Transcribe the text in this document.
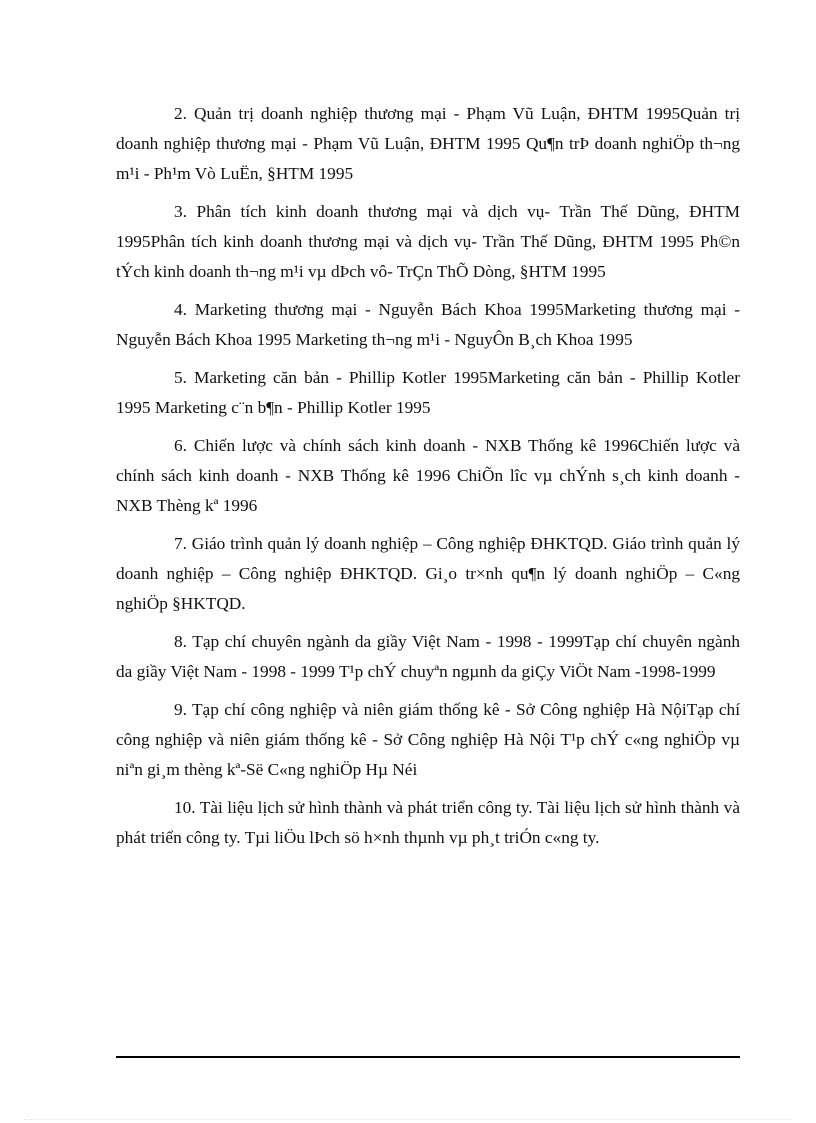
2. Quản trị doanh nghiệp thương mại - Phạm Vũ Luận, ĐHTM 1995Quản trị doanh nghiệp thương mại - Phạm Vũ Luận, ĐHTM 1995 Qu¶n trÞ doanh nghiÖp th¬ng m¹i - Ph¹m Vò LuËn, §HTM 1995

3. Phân tích kinh doanh thương mại và dịch vụ- Trần Thế Dũng, ĐHTM 1995Phân tích kinh doanh thương mại và dịch vụ- Trần Thế Dũng, ĐHTM 1995 Ph©n tÝch kinh doanh th¬ng m¹i vµ dÞch vô- TrÇn ThÕ Dòng, §HTM 1995

4. Marketing thương mại - Nguyễn Bách Khoa 1995Marketing thương mại - Nguyễn Bách Khoa 1995 Marketing th¬ng m¹i - NguyÔn B¸ch Khoa 1995

5. Marketing căn bản - Phillip Kotler 1995Marketing căn bản - Phillip Kotler 1995 Marketing c¨n b¶n - Phillip Kotler 1995

6. Chiến lược và chính sách kinh doanh - NXB Thống kê 1996Chiến lược và chính sách kinh doanh - NXB Thống kê 1996 ChiÕn lîc vµ chÝnh s¸ch kinh doanh - NXB Thèng kª 1996

7. Giáo trình quản lý doanh nghiệp – Công nghiệp ĐHKTQD. Giáo trình quản lý doanh nghiệp – Công nghiệp ĐHKTQD. Gi¸o tr×nh qu¶n lý doanh nghiÖp – C«ng nghiÖp §HKTQD.

8. Tạp chí chuyên ngành da giầy Việt Nam - 1998 - 1999Tạp chí chuyên ngành da giầy Việt Nam - 1998 - 1999 T¹p chÝ chuyªn ngµnh da giÇy ViÖt Nam -1998-1999

9. Tạp chí công nghiệp và niên giám thống kê - Sở Công nghiệp Hà NộiTạp chí công nghiệp và niên giám thống kê - Sở Công nghiệp Hà Nội T¹p chÝ c«ng nghiÖp vµ niªn gi¸m thèng kª-Së C«ng nghiÖp Hµ Néi

10. Tài liệu lịch sử hình thành và phát triển công ty. Tài liệu lịch sử hình thành và phát triển công ty. Tµi liÖu lÞch sö h×nh thµnh vµ ph¸t triÓn c«ng ty.
